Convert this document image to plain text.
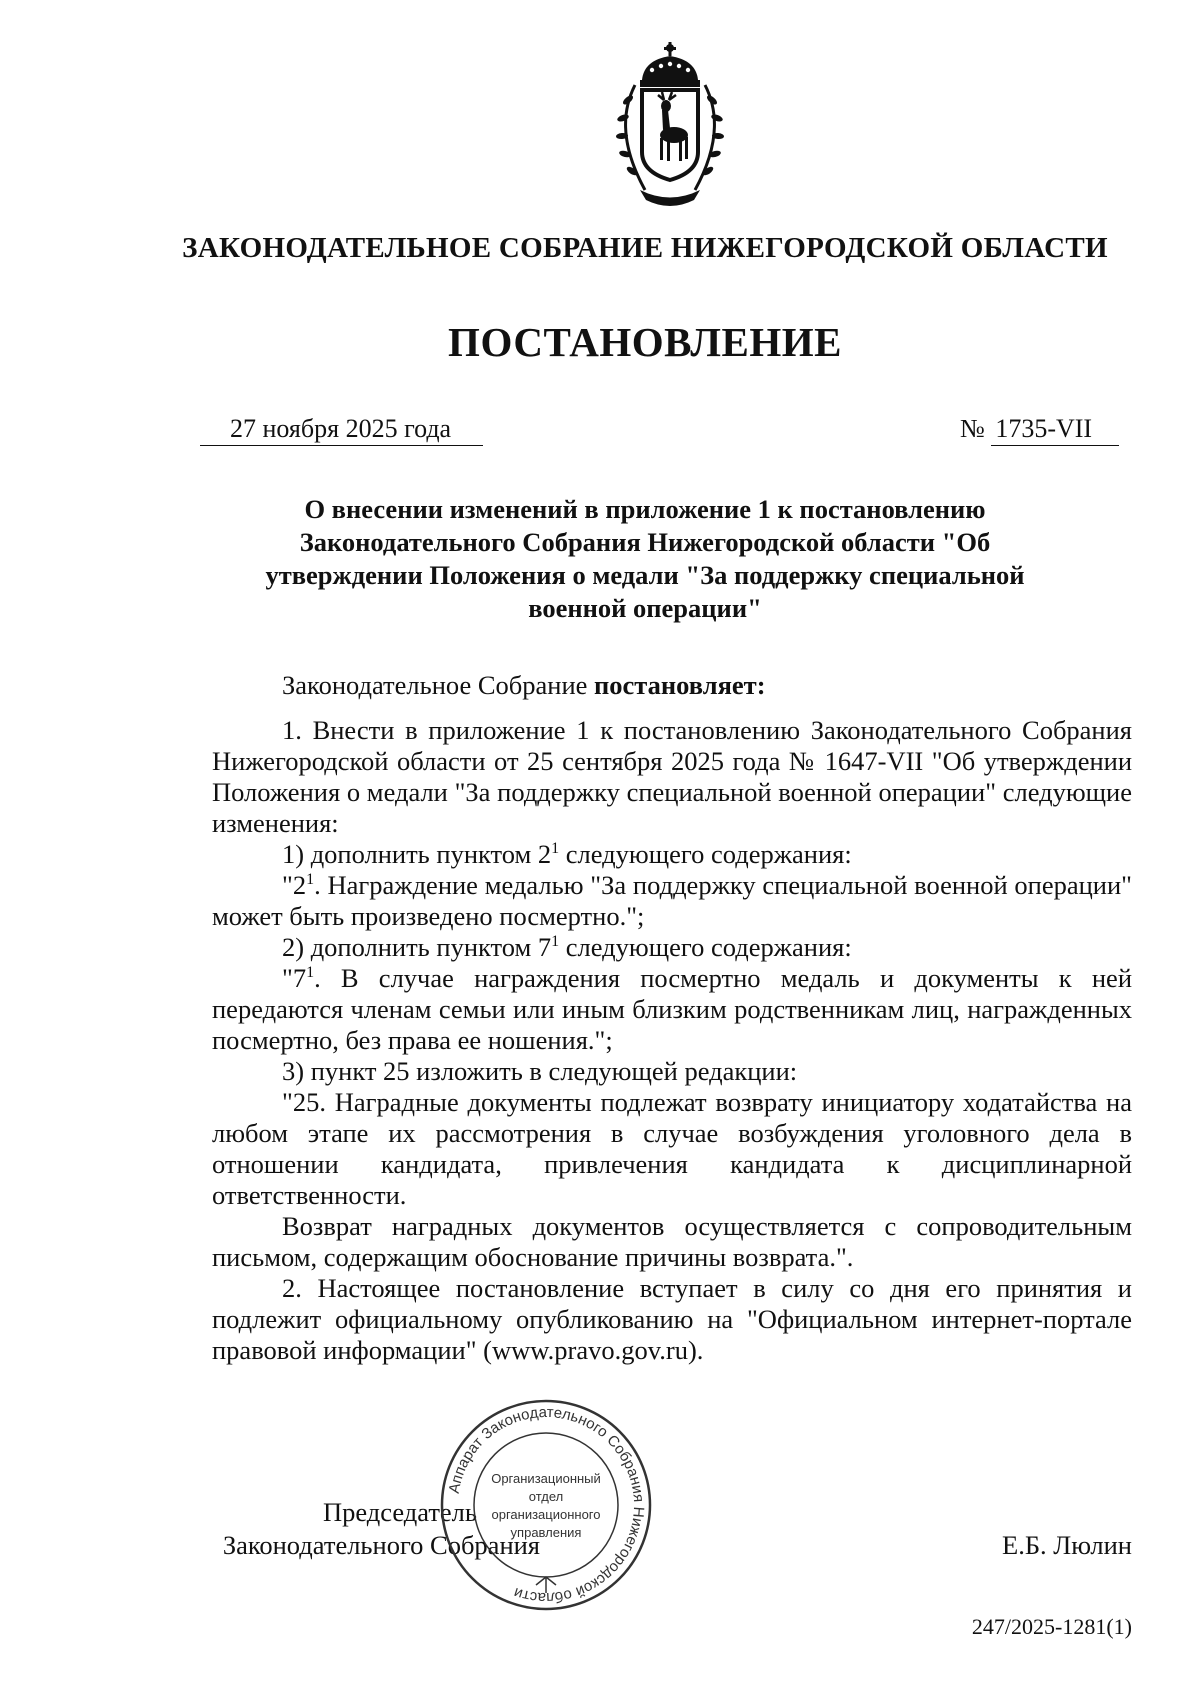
ЗАКОНОДАТЕЛЬНОЕ СОБРАНИЕ НИЖЕГОРОДСКОЙ ОБЛАСТИ
ПОСТАНОВЛЕНИЕ
27 ноября 2025 года	№ 1735-VII
О внесении изменений в приложение 1 к постановлению
Законодательного Собрания Нижегородской области "Об
утверждении Положения о медали "За поддержку специальной
военной операции"

Законодательное Собрание постановляет:

1. Внести в приложение 1 к постановлению Законодательного Собрания Нижегородской области от 25 сентября 2025 года № 1647-VII "Об утверждении Положения о медали "За поддержку специальной военной операции" следующие изменения:

1) дополнить пунктом $2^1$ следующего содержания:

"$2^1$. Награждение медалью "За поддержку специальной военной операции" может быть произведено посмертно.";

2) дополнить пунктом $7^1$ следующего содержания:

"$7^1$. В случае награждения посмертно медаль и документы к ней передаются членам семьи или иным близким родственникам лиц, награжденных посмертно, без права ее ношения.";

3) пункт 25 изложить в следующей редакции:

"25. Наградные документы подлежат возврату инициатору ходатайства на любом этапе их рассмотрения в случае возбуждения уголовного дела в отношении кандидата, привлечения кандидата к дисциплинарной ответственности.

Возврат наградных документов осуществляется с сопроводительным письмом, содержащим обоснование причины возврата.".

2. Настоящее постановление вступает в силу со дня его принятия и подлежит официальному опубликованию на "Официальном интернет-портале правовой информации" (www.pravo.gov.ru).

Председатель
Законодательного Собрания
Аппарат Законодательного Собрания Нижегородской области
Организационный
отдел
организационного
управления	Е.Б. Люлин
247/2025-1281(1)
